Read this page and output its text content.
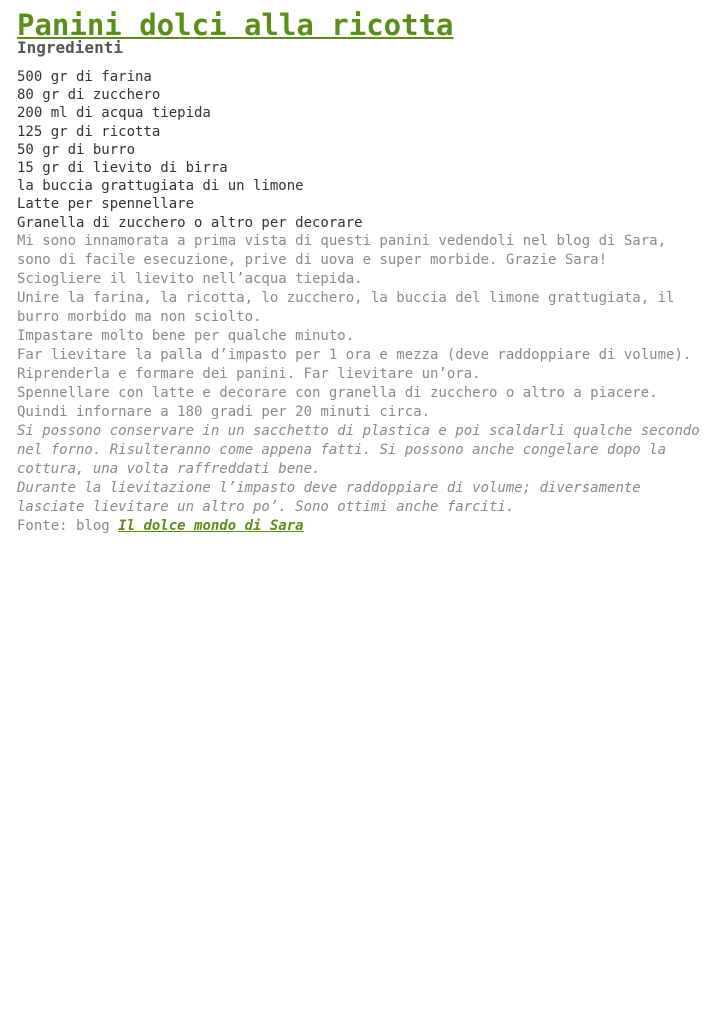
Panini dolci alla ricotta
Ingredienti
500 gr di farina
80 gr di zucchero
200 ml di acqua tiepida
125 gr di ricotta
50 gr di burro
15 gr di lievito di birra
la buccia grattugiata di un limone
Latte per spennellare
Granella di zucchero o altro per decorare

Mi sono innamorata a prima vista di questi panini vedendoli nel blog di Sara, sono di facile esecuzione, prive di uova e super morbide. Grazie Sara!

Sciogliere il lievito nell’acqua tiepida.

Unire la farina, la ricotta, lo zucchero, la buccia del limone grattugiata, il burro morbido ma non sciolto.

Impastare molto bene per qualche minuto.

Far lievitare la palla d’impasto per 1 ora e mezza (deve raddoppiare di volume).

Riprenderla e formare dei panini. Far lievitare un’ora.

Spennellare con latte e decorare con granella di zucchero o altro a piacere.

Quindi infornare a 180 gradi per 20 minuti circa.

Si possono conservare in un sacchetto di plastica e poi scaldarli qualche secondo nel forno. Risulteranno come appena fatti. Si possono anche congelare dopo la cottura, una volta raffreddati bene.

Durante la lievitazione l’impasto deve raddoppiare di volume; diversamente lasciate lievitare un altro po’. Sono ottimi anche farciti.

Fonte: blog Il dolce mondo di Sara
